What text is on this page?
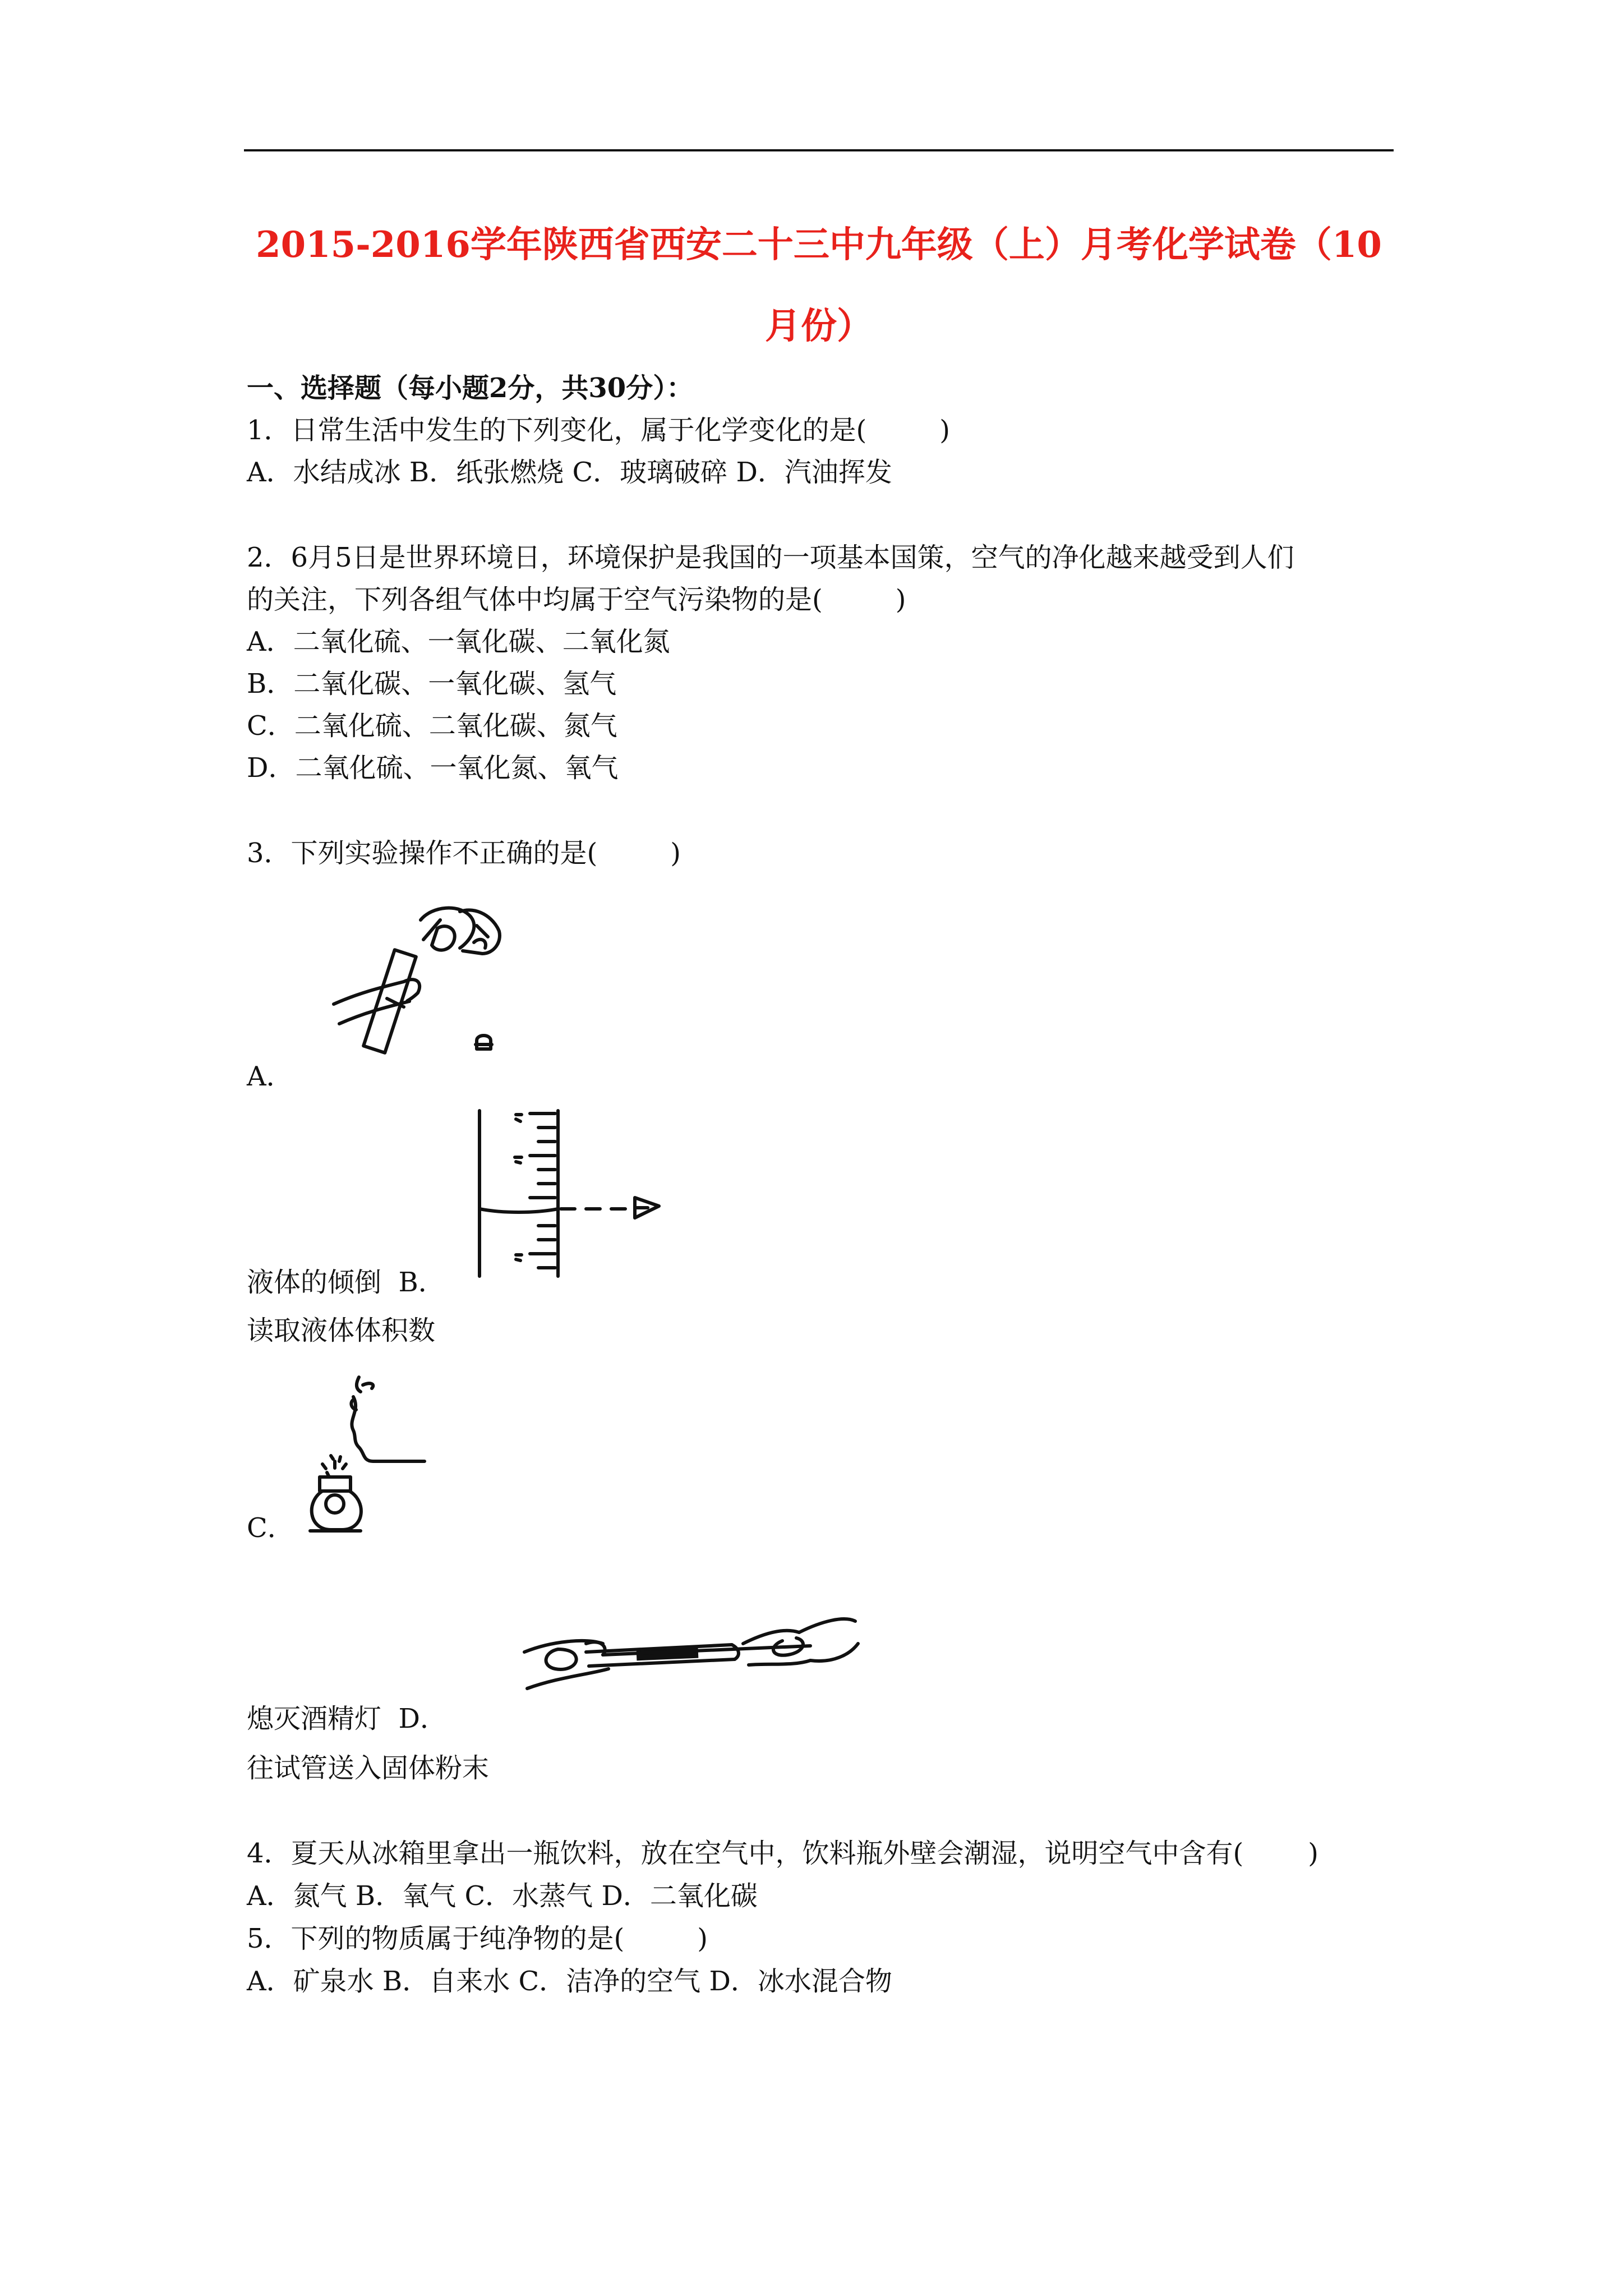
2015-2016学年陕西省西安二十三中九年级（上）月考化学试卷（10
月份）
一、选择题（每小题2分，共30分）：
1．日常生活中发生的下列变化，属于化学变化的是(	)
A．水结成冰 B．纸张燃烧 C．玻璃破碎 D．汽油挥发
2．6月5日是世界环境日，环境保护是我国的一项基本国策，空气的净化越来越受到人们
的关注，下列各组气体中均属于空气污染物的是(	)
A．二氧化硫、一氧化碳、二氧化氮
B．二氧化碳、一氧化碳、氢气
C．二氧化硫、二氧化碳、氮气
D．二氧化硫、一氧化氮、氧气
3．下列实验操作不正确的是(	)
A．
液体的倾倒 B．
读取液体体积数
C．
熄灭酒精灯 D．
往试管送入固体粉末
4．夏天从冰箱里拿出一瓶饮料，放在空气中，饮料瓶外壁会潮湿，说明空气中含有( )
A．氮气 B．氧气 C．水蒸气 D．二氧化碳
5．下列的物质属于纯净物的是(	)
A．矿泉水 B．自来水 C．洁净的空气 D．冰水混合物
